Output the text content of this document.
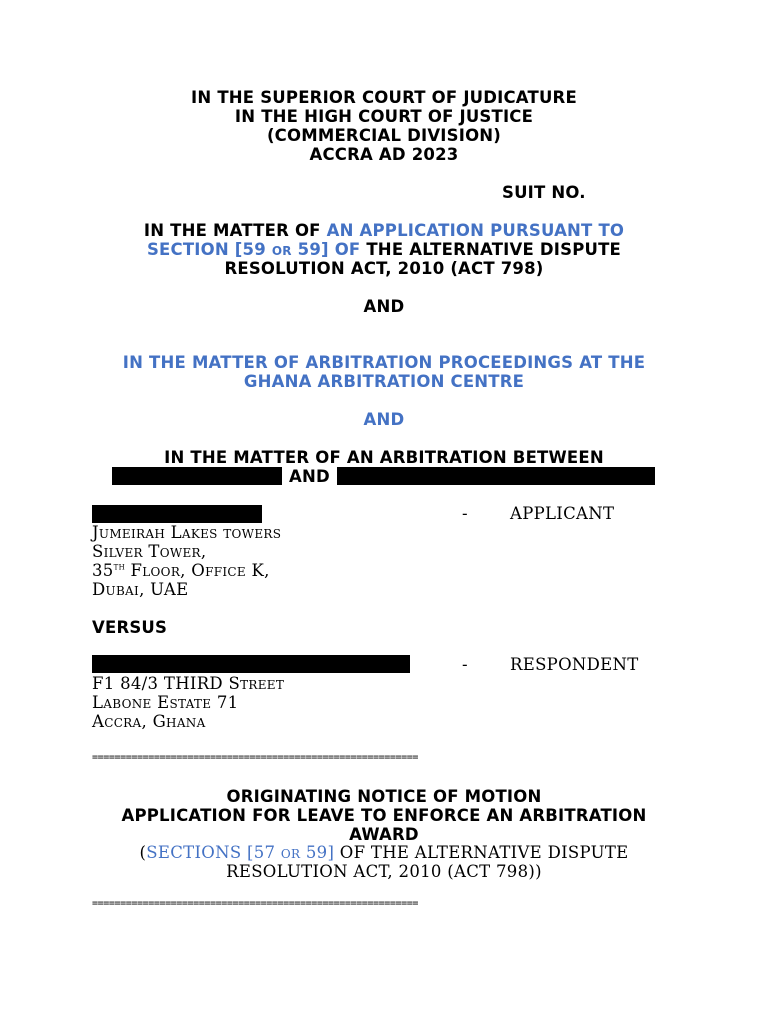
IN THE SUPERIOR COURT OF JUDICATURE
IN THE HIGH COURT OF JUSTICE
(COMMERCIAL DIVISION)
ACCRA AD 2023
SUIT NO.
IN THE MATTER OF AN APPLICATION PURSUANT TO
SECTION [59 or 59] OF THE ALTERNATIVE DISPUTE
RESOLUTION ACT, 2010 (ACT 798)
AND
IN THE MATTER OF ARBITRATION PROCEEDINGS AT THE
GHANA ARBITRATION CENTRE
AND
IN THE MATTER OF AN ARBITRATION BETWEEN
AND
-	APPLICANT
Jumeirah Lakes towers
Silver Tower,
35th Floor, Office K,
Dubai, UAE
VERSUS
-	RESPONDENT
F1 84/3 THIRD Street
Labone Estate 71
Accra, Ghana
==========================================================
ORIGINATING NOTICE OF MOTION
APPLICATION FOR LEAVE TO ENFORCE AN ARBITRATION
AWARD
(SECTIONS [57 or 59] OF THE ALTERNATIVE DISPUTE
RESOLUTION ACT, 2010 (ACT 798))
==========================================================
